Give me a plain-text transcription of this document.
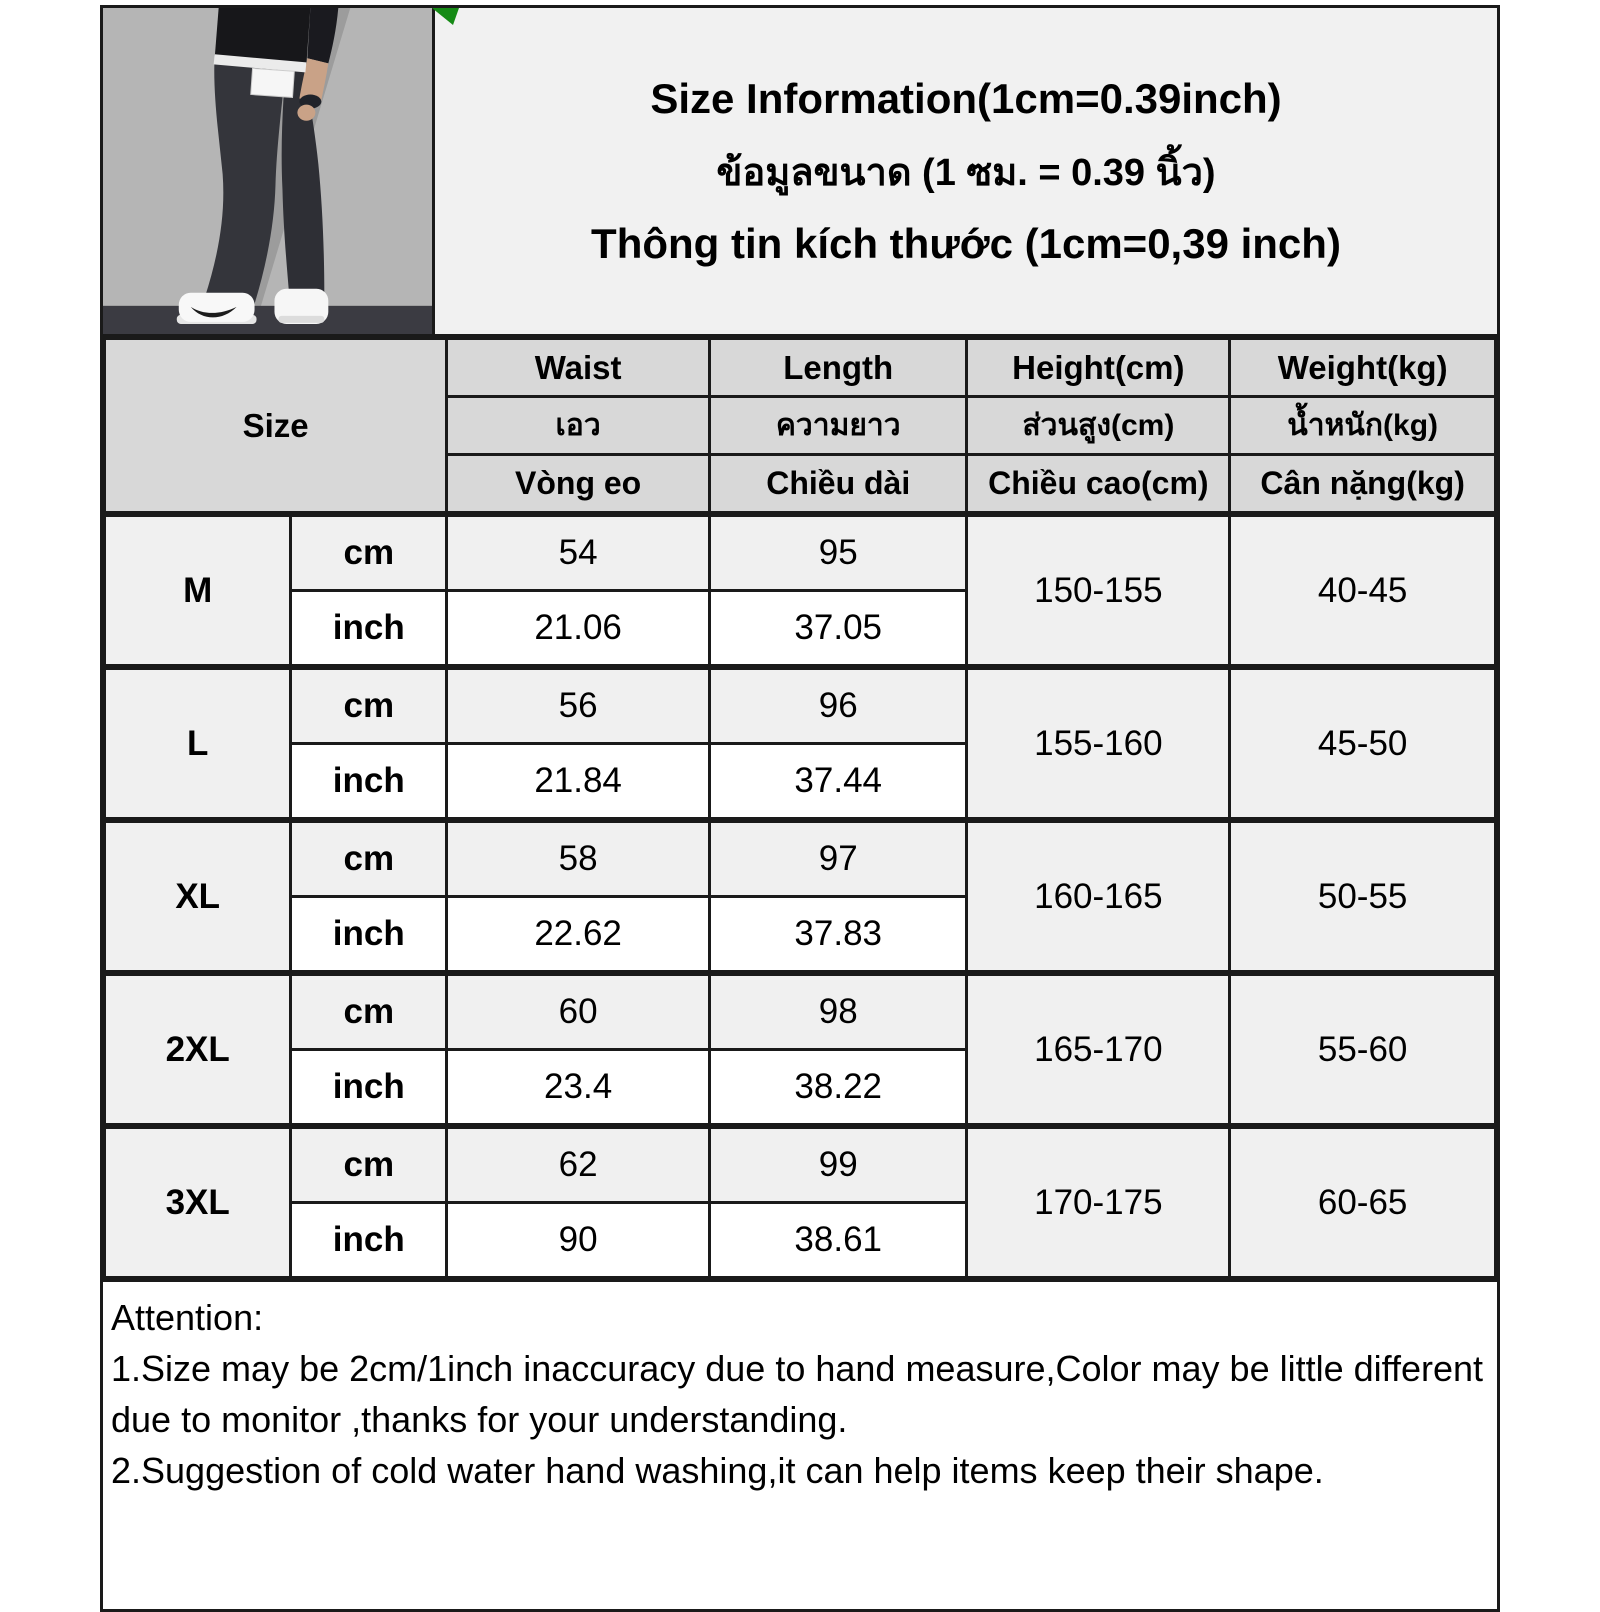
Size Information(1cm=0.39inch)
ข้อมูลขนาด (1 ซม. = 0.39 นิ้ว)
Thông tin kích thước (1cm=0,39 inch)
Size		Waist	Length	Height(cm)	Weight(kg)
		เอว	ความยาว	ส่วนสูง(cm)	น้ำหนัก(kg)
		Vòng eo	Chiều dài	Chiều cao(cm)	Cân nặng(kg)
M	cm	54	95	150-155	40-45
	inch	21.06	37.05		
L	cm	56	96	155-160	45-50
	inch	21.84	37.44		
XL	cm	58	97	160-165	50-55
	inch	22.62	37.83		
2XL	cm	60	98	165-170	55-60
	inch	23.4	38.22		
3XL	cm	62	99	170-175	60-65
	inch	90	38.61		
Attention:
1.Size may be 2cm/1inch inaccuracy due to hand measure,Color may be little different due to monitor ,thanks for your understanding.
2.Suggestion of cold water hand washing,it can help items keep their shape.
